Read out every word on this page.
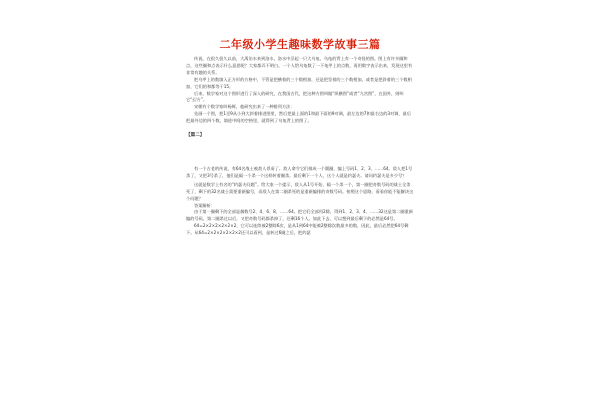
二年级小学生趣味数学故事三篇

传说，在很久很久以前，大禹治水来到洛水，洛水中浮起一只大乌龟，乌龟的背上有一个奇怪的图。图上有许多圈和点，这些圈和点表示什么意思呢？大家都弄不明白。一个人给乌龟数了一下龟甲上的点数，再用数字表示出来，发现这里有非常有趣的关系。

把乌甲上的数填入正方形的方格中，不管是把横着的三个数相加，还是把竖着的三个数相加，或者是把斜着的三个数相加，它们的和都等于15。

后来，数学家对这个图形进行了深入的研究，在我国古代，把这种方图叫做“纵横图”或者“九宫图”，在国外，则叫它“幻方”。

宋朝有个数学家叫杨辉，他研究出来了一种排列方法：

先画一个图，把1至9从小到大斜着排进图里，然后把最上面的1和最下面的9对调，最左边的7和最右边的3对调，最后把最外边的四个数，填进中间的空格里，就得到了乌龟背上的图了。

【篇二】

有一个古老的传说，有64名战士被敌人俘虏了。敌人命令它们排成一个圆圈，编上号码1、2、3、……64。敌人把1号杀了，又把3号杀了，他们是隔一个杀一个这样转着圈杀。最后剩下一个人，这个人就是约瑟夫。请问约瑟夫是多少号？

这就是数学上有名的“约瑟夫问题”。给大家一个提示，敌人从1号开始，隔一个杀一个，第一圈把奇数号码的战士全杀死了，剩下的32名战士需要重新编号，而敌人在第二圈杀死的是重新编排的奇数号码。按照这个思路，看看你能不能解决这个问题？

答案解析：

由于第一圈剩下的全部是偶数号2、4、6、8、……64。把它们全部用2除，得到1、2、3、4、……32这是第二圈重新编的号码，第二圈杀过以后，又把奇数号码都杀掉了，还剩16个人。如此下去，可以想到最后剩下的必然是64号。

64=2×2×2×2×2×2，它可以连续被2整除6次，是从1到64中能被2整除次数最多的数，因此，最后必然把64号剩下。从64=2×2×2×2×2×2还可以看到，是转过6圈之后，把约瑟
